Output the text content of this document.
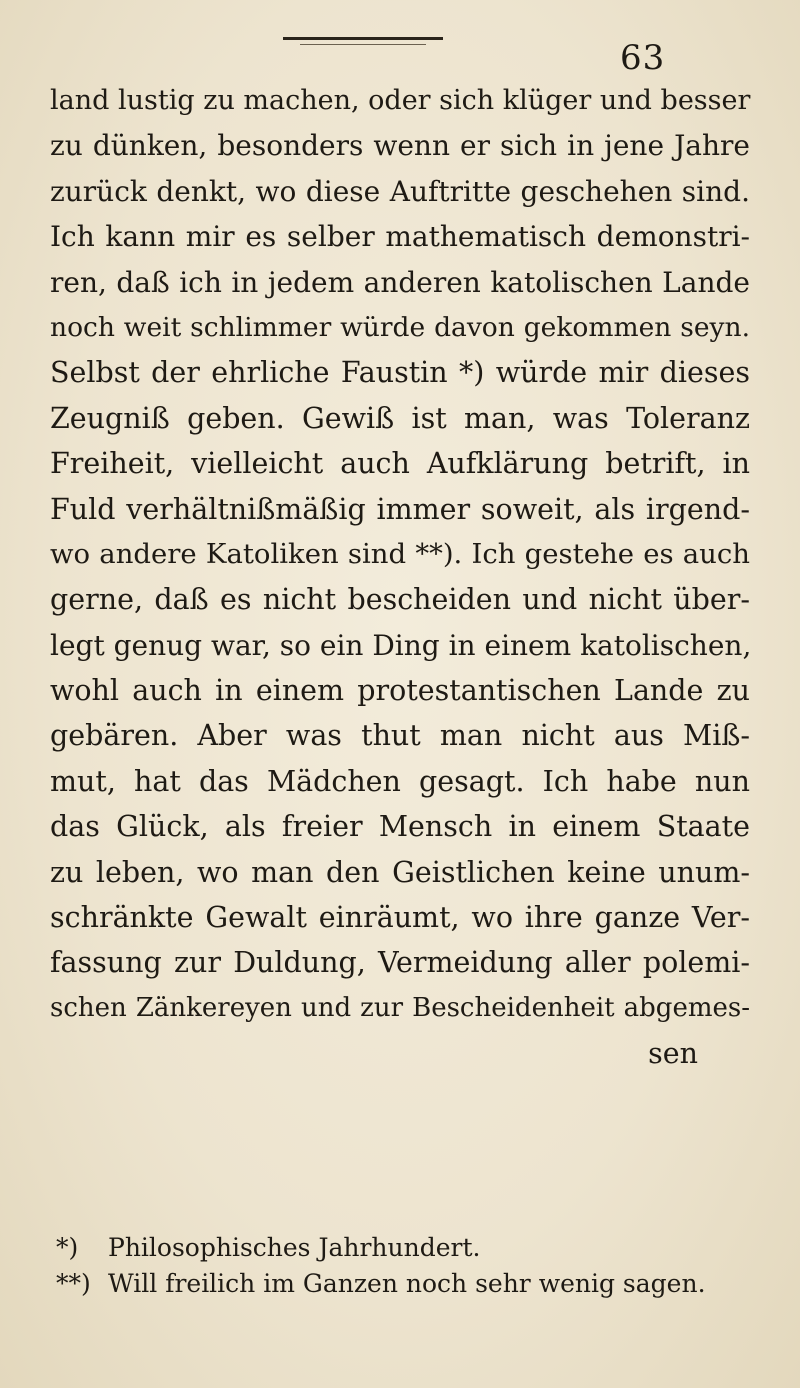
63
land lustig zu machen, oder sich klüger und besser
zu dünken, besonders wenn er sich in jene Jahre
zurück denkt, wo diese Auftritte geschehen sind.
Ich kann mir es selber mathematisch demonstri-
ren, daß ich in jedem anderen katolischen Lande
noch weit schlimmer würde davon gekommen seyn.
Selbst der ehrliche Faustin *) würde mir dieses
Zeugniß geben. Gewiß ist man, was Toleranz
Freiheit, vielleicht auch Aufklärung betrift, in
Fuld verhältnißmäßig immer soweit, als irgend-
wo andere Katoliken sind **). Ich gestehe es auch
gerne, daß es nicht bescheiden und nicht über-
legt genug war, so ein Ding in einem katolischen,
wohl auch in einem protestantischen Lande zu
gebären. Aber was thut man nicht aus Miß-
mut, hat das Mädchen gesagt. Ich habe nun
das Glück, als freier Mensch in einem Staate
zu leben, wo man den Geistlichen keine unum-
schränkte Gewalt einräumt, wo ihre ganze Ver-
fassung zur Duldung, Vermeidung aller polemi-
schen Zänkereyen und zur Bescheidenheit abgemes-
sen
*) Philosophisches Jahrhundert.
**) Will freilich im Ganzen noch sehr wenig sagen.
